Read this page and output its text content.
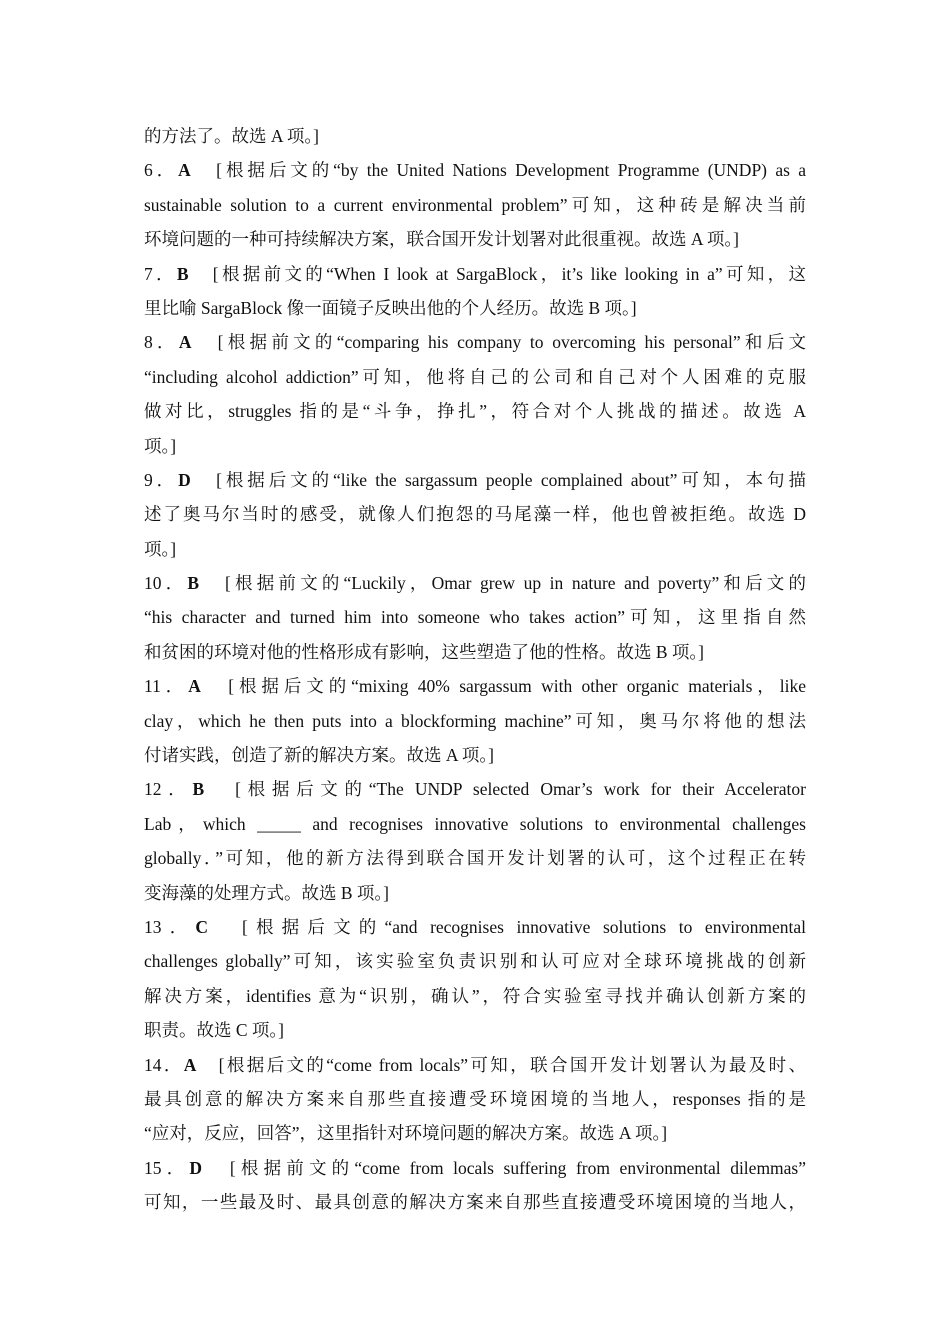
的方法了。故选 A 项。]
6．A　[根据后文的“by the United Nations Development Programme (UNDP) as a
sustainable solution to a current environmental problem”可知，这种砖是解决当前
环境问题的一种可持续解决方案，联合国开发计划署对此很重视。故选 A 项。]
7．B　[根据前文的“When I look at SargaBlock，it’s like looking in a”可知，这
里比喻 SargaBlock 像一面镜子反映出他的个人经历。故选 B 项。]
8．A　[根据前文的“comparing his company to overcoming his personal”和后文
“including alcohol addiction”可知，他将自己的公司和自己对个人困难的克服
做对比，struggles 指的是“斗争，挣扎”，符合对个人挑战的描述。故选 A
项。]
9．D　[根据后文的“like the sargassum people complained about”可知，本句描
述了奥马尔当时的感受，就像人们抱怨的马尾藻一样，他也曾被拒绝。故选 D
项。]
10．B　[根据前文的“Luckily，Omar grew up in nature and poverty”和后文的
“his character and turned him into someone who takes action”可知，这里指自然
和贫困的环境对他的性格形成有影响，这些塑造了他的性格。故选 B 项。]
11．A　[根据后文的“mixing 40% sargassum with other organic materials，like
clay，which he then puts into a blockforming machine”可知，奥马尔将他的想法
付诸实践，创造了新的解决方案。故选 A 项。]
12．B　[根据后文的“The UNDP selected Omar’s work for their Accelerator
Lab，which _____ and recognises innovative solutions to environmental challenges
globally．”可知，他的新方法得到联合国开发计划署的认可，这个过程正在转
变海藻的处理方式。故选 B 项。]
13．C　[根据后文的“and recognises innovative solutions to environmental
challenges globally”可知，该实验室负责识别和认可应对全球环境挑战的创新
解决方案，identifies 意为“识别，确认”，符合实验室寻找并确认创新方案的
职责。故选 C 项。]
14．A　[根据后文的“come from locals”可知，联合国开发计划署认为最及时、
最具创意的解决方案来自那些直接遭受环境困境的当地人，responses 指的是
“应对，反应，回答”，这里指针对环境问题的解决方案。故选 A 项。]
15．D　[根据前文的“come from locals suffering from environmental dilemmas”
可知，一些最及时、最具创意的解决方案来自那些直接遭受环境困境的当地人，
